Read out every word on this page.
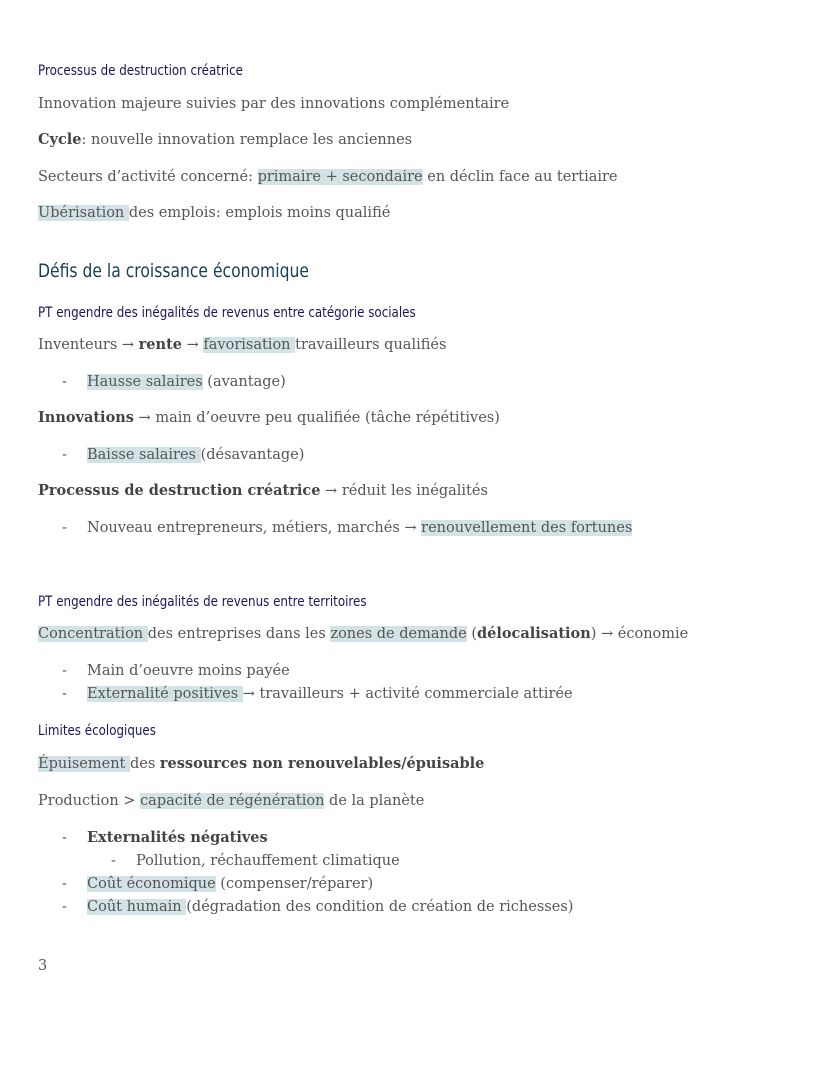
Processus de destruction créatrice
Innovation majeure suivies par des innovations complémentaire
Cycle: nouvelle innovation remplace les anciennes
Secteurs d’activité concerné: primaire + secondaire en déclin face au tertiaire
Ubérisation des emplois: emplois moins qualifié
Défis de la croissance économique
PT engendre des inégalités de revenus entre catégorie sociales
Inventeurs → rente → favorisation travailleurs qualifiés
- Hausse salaires (avantage)
Innovations → main d’oeuvre peu qualifiée (tâche répétitives)
- Baisse salaires (désavantage)
Processus de destruction créatrice → réduit les inégalités
- Nouveau entrepreneurs, métiers, marchés → renouvellement des fortunes
PT engendre des inégalités de revenus entre territoires
Concentration des entreprises dans les zones de demande (délocalisation) → économie
- Main d’oeuvre moins payée
- Externalité positives → travailleurs + activité commerciale attirée
Limites écologiques
Épuisement des ressources non renouvelables/épuisable
Production > capacité de régénération de la planète
- Externalités négatives
- Pollution, réchauffement climatique
- Coût économique (compenser/réparer)
- Coût humain (dégradation des condition de création de richesses)
3
